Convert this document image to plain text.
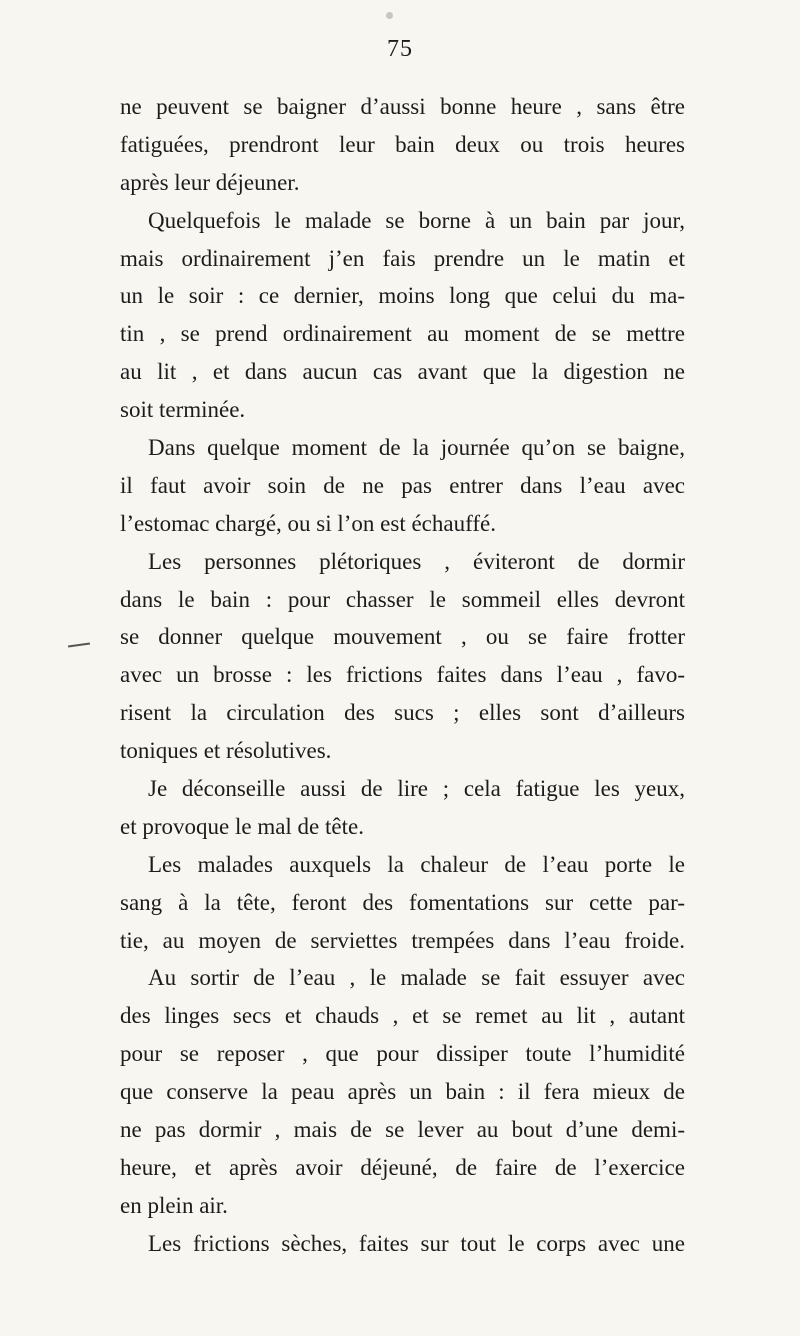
75
ne peuvent se baigner d’aussi bonne heure , sans être
fatiguées, prendront leur bain deux ou trois heures
après leur déjeuner.
Quelquefois le malade se borne à un bain par jour,
mais ordinairement j’en fais prendre un le matin et
un le soir : ce dernier, moins long que celui du ma-
tin , se prend ordinairement au moment de se mettre
au lit , et dans aucun cas avant que la digestion ne
soit terminée.
Dans quelque moment de la journée qu’on se baigne,
il faut avoir soin de ne pas entrer dans l’eau avec
l’estomac chargé, ou si l’on est échauffé.
Les personnes plétoriques , éviteront de dormir
dans le bain : pour chasser le sommeil elles devront
se donner quelque mouvement , ou se faire frotter
avec un brosse : les frictions faites dans l’eau , favo-
risent la circulation des sucs ; elles sont d’ailleurs
toniques et résolutives.
Je déconseille aussi de lire ; cela fatigue les yeux,
et provoque le mal de tête.
Les malades auxquels la chaleur de l’eau porte le
sang à la tête, feront des fomentations sur cette par-
tie, au moyen de serviettes trempées dans l’eau froide.
Au sortir de l’eau , le malade se fait essuyer avec
des linges secs et chauds , et se remet au lit , autant
pour se reposer , que pour dissiper toute l’humidité
que conserve la peau après un bain : il fera mieux de
ne pas dormir , mais de se lever au bout d’une demi-
heure, et après avoir déjeuné, de faire de l’exercice
en plein air.
Les frictions sèches, faites sur tout le corps avec une
